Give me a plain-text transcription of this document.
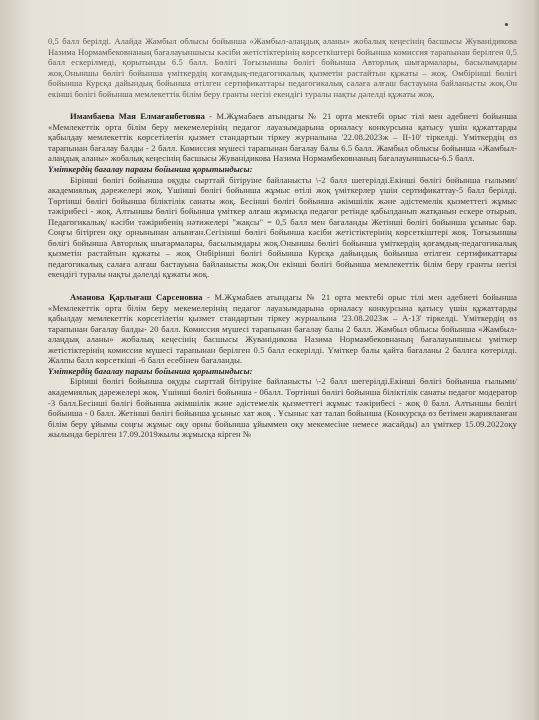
0,5 балл берілді. Алайда Жамбыл облысы бойынша «Жамбыл-алаңдық аланы» жобалық кеңесінің басшысы Жуванідикова Назима Нормамбековнаның бағалауыншысы кәсіби жетістіктерінің көрсеткіштері бойынша комиссия тарапынан берілген 0,5 балл ескерілмеді, қорытынды 6.5 балл. Бөлігі Тоғызыншы бөлігі бойынша Авторлық шығармалары, басылымдары жоқ.Оныншы бөлігі бойынша үміткердің когамдық-педагогикалық қызметін растайтын құжаты – жоқ. Омбірінші бөлігі бойынша Курсқа дайындық бойынша өтілген сертификаттары педагогикалық салаға алғаш бастауына байланысты жоқ.Он екінші бөлігі бойынша мемлекеттік білім беру гранты негізі екендігі туралы нақты дәлелді құжаты жоқ.

Имамбаева Мая Елмағанбетовна - М.Жұмабаев атындағы № 21 орта мектебі орыс тілі мен әдебиеті бойынша «Мемлекеттік орта білім беру мекемелерінің педагог лауазымдарына орналасу конкурсына қатысу үшін құжаттарды қабылдау мемлекеттік көрсетілетін қызмет стандартын тіркеу журналына '22.08.2023ж – II-10' тіркелді. Үміткердің өз тарапынан бағалау балды - 2 балл. Комиссия мүшесі тарапынан бағалау балы 6.5 балл. Жамбыл облысы бойынша «Жамбыл-алаңдық аланы» жобалық кеңесінің басшысы Жуванідикова Назима Нормамбековнаның бағалауыншысы-6.5 балл.

Үміткердің бағалау парағы бойынша қорытындысы:

Бірінші бөлігі бойынша оқуды сырттай бітіруіне байланысты \-2 балл шегерілді.Екінші бөлігі бойынша ғылыми/академиялық дәрежелері жоқ. Үшінші бөлігі бойынша жұмыс өтілі жоқ үміткерлер үшін сертификаттау-5 балл берілді. Төртінші бөлігі бойынша біліктілік санаты жоқ. Бесінші бөлігі бойынша әкімшілік және әдістемелік қызметтегі жұмыс тәжірибесі - жоқ. Алтыншы бөлігі бойынша үміткер алғаш жұмысқа педагог ретінде қабылданып жатқанын ескере отырып. Педагогикалық/ кәсіби тәжірибенің нәтижелері "жақсы" = 0,5 балл мен бағаланды Жетінші бөлігі бойынша ұсыныс бар. Соңғы бітірген оқу орнынынан алынған.Сегізінші бөлігі бойынша кәсіби жетістіктерінің көрсеткіштері жоқ. Тоғызыншы бөлігі бойынша Авторлық шығармалары, басылымдары жоқ.Оныншы бөлігі бойынша үміткердің қоғамдық-педагогикалық қызметін растайтын құжаты – жоқ Онбірінші бөлігі бойынша Курсқа дайындық бойынша өтілген сертификаттары педагогикалық салаға алғаш бастауына байланысты жоқ.Он екінші бөлігі бойынша мемлекеттік білім беру гранты негізі екендігі туралы нақты дәлелді құжаты жоқ.

Аманова Қарлығаш Сарсеновна - М.Жұмабаев атындағы № 21 орта мектебі орыс тілі мен әдебиеті бойынша «Мемлекеттік орта білім беру мекемелерінің педагог лауазымдарына орналасу конкурсына қатысу үшін құжаттарды қабылдау мемлекеттік көрсетілетін қызмет стандартын тіркеу журналына '23.08.2023ж – A-13' тіркелді. Үміткердің өз тарапынан бағалау балды- 20 балл. Комиссия мүшесі тарапынан бағалау балы 2 балл. Жамбыл облысы бойынша «Жамбыл-алаңдық аланы» жобалық кеңесінің басшысы Жуванідикова Назима Нормамбековнаның бағалауыншысы үміткер жетістіктерінің комиссия мүшесі тарапынан берілген 0.5 балл ескерілді. Үміткер балы қайта бағаланы 2 баллға көтерілді. Жалпы балл көрсеткіші -6 балл есебінен бағаланды.

Үміткердің бағалау парағы бойынша қорытындысы:

Бірінші бөлігі бойынша оқуды сырттай бітіруіне байланысты \-2 балл шегерілді.Екінші бөлігі бойынша ғылыми/академиялық дәрежелері жоқ. Үшінші бөлігі бойынша - 0балл. Төртінші бөлігі бойынша біліктілік санаты педагог модератор -3 балл.Бесінші бөлігі бойынша әкімшілік және әдістемелік қызметтегі жұмыс тәжірибесі - жоқ 0 балл. Алтыншы бөлігі бойынша - 0 балл. Жетінші бөлігі бойынша ұсыныс хат жоқ . Ұсыныс хат талап бойынша (Конкурсқа өз бетімен жарияланған білім беру ұйымы соңғы жұмыс оқу орны бойынша ұйыммен оқу мекемесіне немесе жасайды) ал үміткер 15.09.2022оқу жылында берілген 17.09.2019жылы жұмысқа кірген №
